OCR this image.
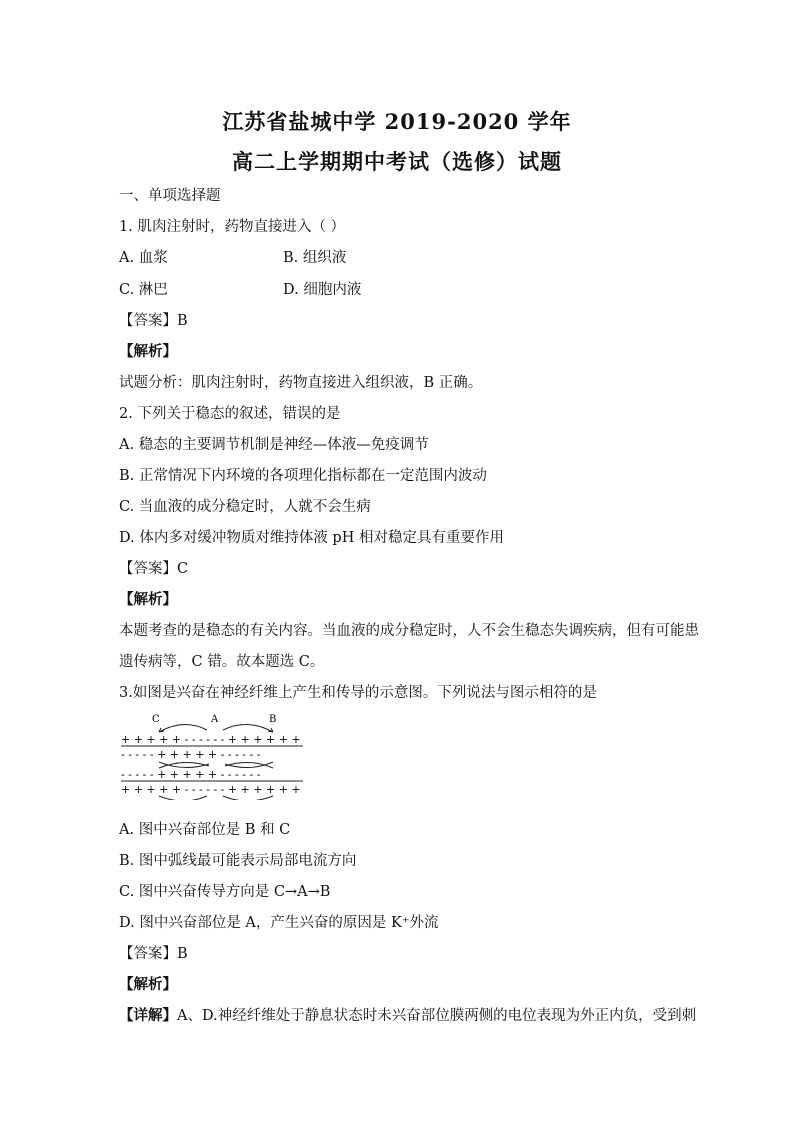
江苏省盐城中学 2019-2020 学年
高二上学期期中考试（选修）试题
一、单项选择题
1. 肌肉注射时，药物直接进入（ ）
A. 血浆	B. 组织液
C. 淋巴	D. 细胞内液
【答案】B
【解析】
试题分析：肌肉注射时，药物直接进入组织液，B 正确。
2. 下列关于稳态的叙述，错误的是
A. 稳态的主要调节机制是神经—体液—免疫调节
B. 正常情况下内环境的各项理化指标都在一定范围内波动
C. 当血液的成分稳定时，人就不会生病
D. 体内多对缓冲物质对维持体液 pH 相对稳定具有重要作用
【答案】C
【解析】
本题考查的是稳态的有关内容。当血液的成分稳定时，人不会生稳态失调疾病，但有可能患
遗传病等，C 错。故本题选 C。
3.如图是兴奋在神经纤维上产生和传导的示意图。下列说法与图示相符的是
C	A	B
+ + + + + - - - - - - + + + + + +
- - - - - + + + + + - - - - - -
- - - - - + + + + + - - - - - -
+ + + + + - - - - - - + + + + + +
A. 图中兴奋部位是 B 和 C
B. 图中弧线最可能表示局部电流方向
C. 图中兴奋传导方向是 C→A→B
D. 图中兴奋部位是 A，产生兴奋的原因是 K⁺外流
【答案】B
【解析】
【详解】A、D.神经纤维处于静息状态时未兴奋部位膜两侧的电位表现为外正内负，受到刺
